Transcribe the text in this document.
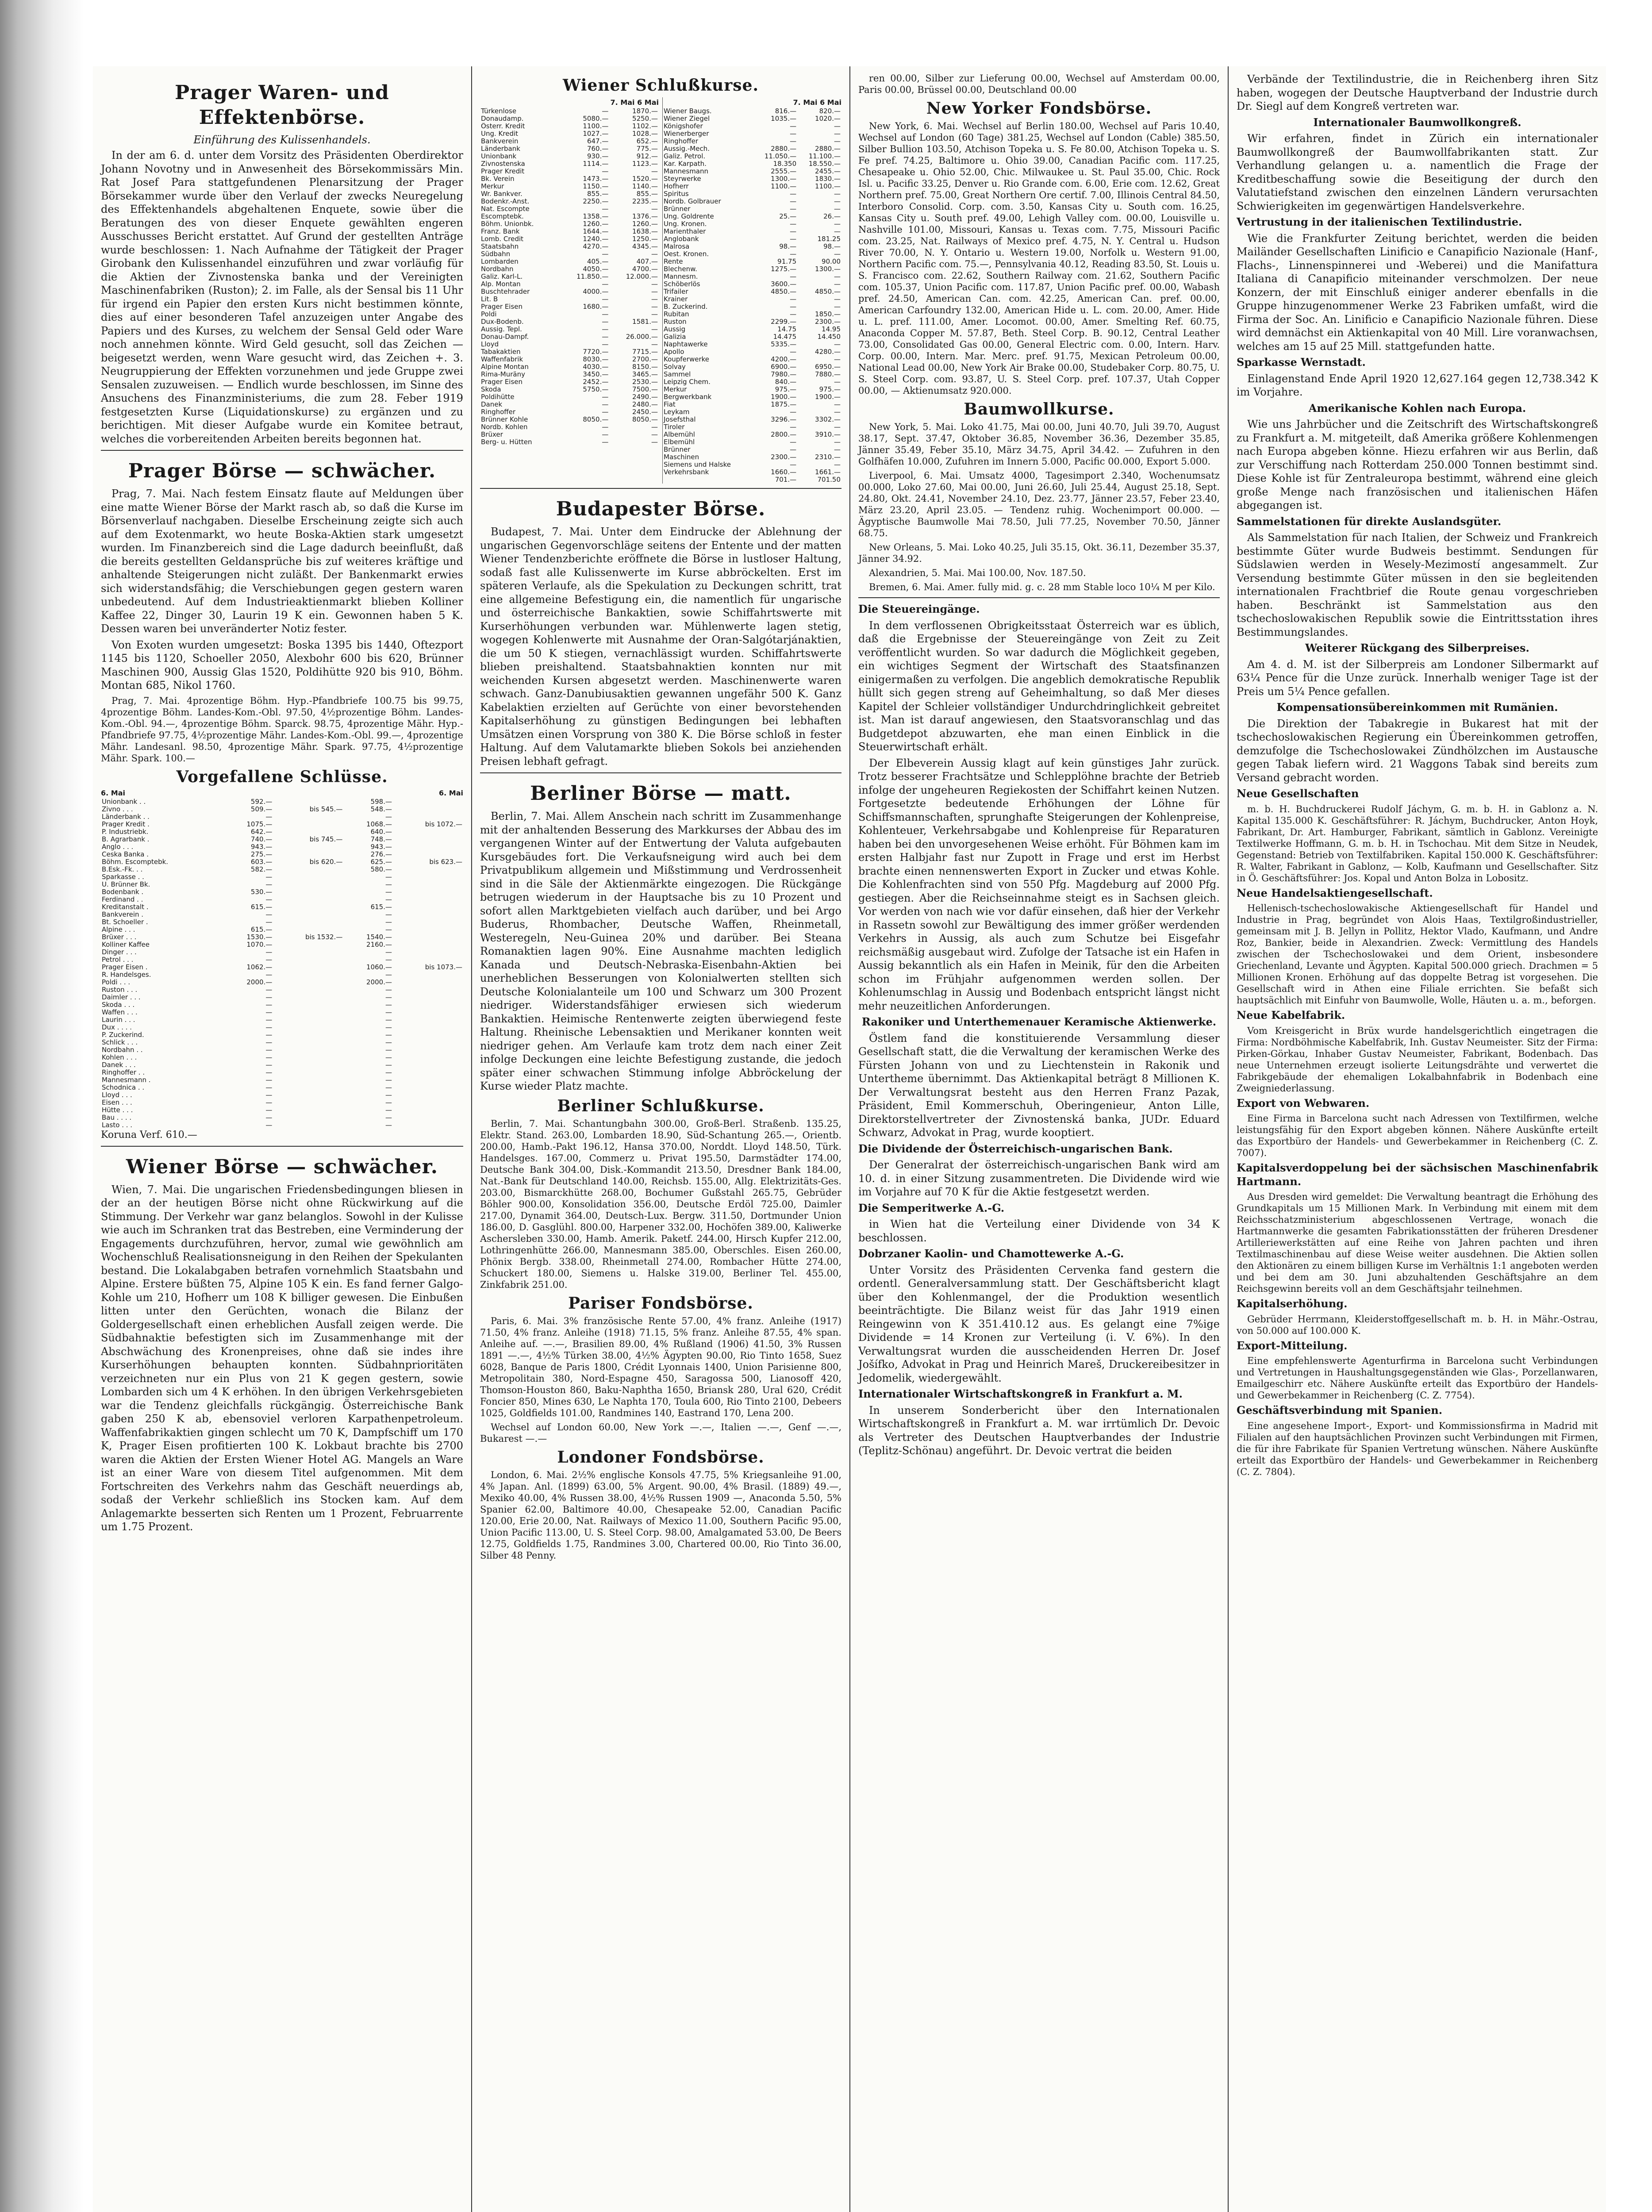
Prager Waren- und Effektenbörse.
Einführung des Kulissenhandels.
In der am 6. d. unter dem Vorsitz des Präsidenten Oberdirektor Johann Novotny und in Anwesenheit des Börsekommissärs Min. Rat Josef Para stattgefundenen Plenarsitzung der Prager Börsekammer wurde über den Verlauf der zwecks Neuregelung des Effektenhandels abgehaltenen Enquete, sowie über die Beratungen des von dieser Enquete gewählten engeren Ausschusses Bericht erstattet. Auf Grund der gestellten Anträge wurde beschlossen: 1. Nach Aufnahme der Tätigkeit der Prager Girobank den Kulissenhandel einzuführen und zwar vorläufig für die Aktien der Zivnostenska banka und der Vereinigten Maschinenfabriken (Ruston); 2. im Falle, als der Sensal bis 11 Uhr für irgend ein Papier den ersten Kurs nicht bestimmen könnte, dies auf einer besonderen Tafel anzuzeigen unter Angabe des Papiers und des Kurses, zu welchem der Sensal Geld oder Ware noch annehmen könnte. Wird Geld gesucht, soll das Zeichen — beigesetzt werden, wenn Ware gesucht wird, das Zeichen +. 3. Neugruppierung der Effekten vorzunehmen und jede Gruppe zwei Sensalen zuzuweisen. — Endlich wurde beschlossen, im Sinne des Ansuchens des Finanzministeriums, die zum 28. Feber 1919 festgesetzten Kurse (Liquidationskurse) zu ergänzen und zu berichtigen. Mit dieser Aufgabe wurde ein Komitee betraut, welches die vorbereitenden Arbeiten bereits begonnen hat.
Prager Börse — schwächer.
Prag, 7. Mai. Nach festem Einsatz flaute auf Meldungen über eine matte Wiener Börse der Markt rasch ab, so daß die Kurse im Börsenverlauf nachgaben. Dieselbe Erscheinung zeigte sich auch auf dem Exotenmarkt, wo heute Boska-Aktien stark umgesetzt wurden. Im Finanzbereich sind die Lage dadurch beeinflußt, daß die bereits gestellten Geldansprüche bis zuf weiteres kräftige und anhaltende Steigerungen nicht zuläßt. Der Bankenmarkt erwies sich widerstandsfähig; die Verschiebungen gegen gestern waren unbedeutend. Auf dem Industrieaktienmarkt blieben Kolliner Kaffee 22, Dinger 30, Laurin 19 K ein. Gewonnen haben 5 K. Dessen waren bei unveränderter Notiz fester.
Von Exoten wurden umgesetzt: Boska 1395 bis 1440, Oftezport 1145 bis 1120, Schoeller 2050, Alexbohr 600 bis 620, Brünner Maschinen 900, Aussig Glas 1520, Poldihütte 920 bis 910, Böhm. Montan 685, Nikol 1760.
Prag, 7. Mai. 4prozentige Böhm. Hyp.-Pfandbriefe 100.75 bis 99.75, 4prozentige Böhm. Landes-Kom.-Obl. 97.50, 4½prozentige Böhm. Landes-Kom.-Obl. 94.—, 4prozentige Böhm. Sparck. 98.75, 4prozentige Mähr. Hyp.-Pfandbriefe 97.75, 4½prozentige Mähr. Landes-Kom.-Obl. 99.—, 4prozentige Mähr. Landesanl. 98.50, 4prozentige Mähr. Spark. 97.75, 4½prozentige Mähr. Spark. 100.—
Vorgefallene Schlüsse.
6. Mai	6. Mai
Unionbank . .	592.—		598.—	
Zivno . . .	509.—	bis 545.—	548.—	
Länderbank . .	—		—	
Prager Kredit .	1075.—		1068.—	bis 1072.—
P. Industriebk.	642.—		640.—	
B. Agrarbank .	740.—	bis 745.—	748.—	
Anglo . . .	943.—		943.—	
Ceska Banka .	275.—		276.—	
Böhm. Escomptebk.	603.—	bis 620.—	625.—	bis 623.—
B.Esk.-Fk. . .	582.—		580.—	
Sparkasse . .	—		—	
U. Brünner Bk.	—		—	
Bodenbank .	530.—		—	
Ferdinand . .	—		—	
Kreditanstalt .	615.—		615.—	
Bankverein .	—		—	
Bt. Schoeller .	—		—	
Alpine . . .	615.—		—	
Brüxer . . .	1530.—	bis 1532.—	1540.—	
Kolliner Kaffee	1070.—		2160.—	
Dinger . . .	—		—	
Petrol . . .	—		—	
Prager Eisen .	1062.—		1060.—	bis 1073.—
R. Handelsges.	—		—	
Poldi . . .	2000.—		2000.—	
Ruston . . .	—		—	
Daimler . . .	—		—	
Skoda . . .	—		—	
Waffen . . .	—		—	
Laurin . . .	—		—	
Dux . . . .	—		—	
P. Zuckerind.	—		—	
Schlick . . .	—		—	
Nordbahn . .	—		—	
Kohlen . . .	—		—	
Danek . . .	—		—	
Ringhoffer . .	—		—	
Mannesmann .	—		—	
Schodnica . .	—		—	
Lloyd . . .	—		—	
Eisen . . .	—		—	
Hütte . . .	—		—	
Bau . . . .	—		—	
Lasto . . .	—		—	
Koruna Verf. 610.—
Wiener Börse — schwächer.
Wien, 7. Mai. Die ungarischen Friedensbedingungen bliesen in der an der heutigen Börse nicht ohne Rückwirkung auf die Stimmung. Der Verkehr war ganz belanglos. Sowohl in der Kulisse wie auch im Schranken trat das Bestreben, eine Verminderung der Engagements durchzuführen, hervor, zumal wie gewöhnlich am Wochenschluß Realisationsneigung in den Reihen der Spekulanten bestand. Die Lokalabgaben betrafen vornehmlich Staatsbahn und Alpine. Erstere büßten 75, Alpine 105 K ein. Es fand ferner Galgo-Kohle um 210, Hofherr um 108 K billiger gewesen. Die Einbußen litten unter den Gerüchten, wonach die Bilanz der Goldergesellschaft einen erheblichen Ausfall zeigen werde. Die Südbahnaktie befestigten sich im Zusammenhange mit der Abschwächung des Kronenpreises, ohne daß sie indes ihre Kurserhöhungen behaupten konnten. Südbahnprioritäten verzeichneten nur ein Plus von 21 K gegen gestern, sowie Lombarden sich um 4 K erhöhen. In den übrigen Verkehrsgebieten war die Tendenz gleichfalls rückgängig. Österreichische Bank gaben 250 K ab, ebensoviel verloren Karpathenpetroleum. Waffenfabrikaktien gingen schlecht um 70 K, Dampfschiff um 170 K, Prager Eisen profitierten 100 K. Lokbaut brachte bis 2700 waren die Aktien der Ersten Wiener Hotel AG. Mangels an Ware ist an einer Ware von diesem Titel aufgenommen. Mit dem Fortschreiten des Verkehrs nahm das Geschäft neuerdings ab, sodaß der Verkehr schließlich ins Stocken kam. Auf dem Anlagemarkte besserten sich Renten um 1 Prozent, Februarrente um 1.75 Prozent.
Wiener Schlußkurse.
7. Mai 6 Mai
Türkenlose	—	1870.—
Donaudamp.	5080.—	5250.—
Österr. Kredit	1100.—	1102.—
Ung. Kredit	1027.—	1028.—
Bankverein	647.—	652.—
Länderbank	760.—	775.—
Unionbank	930.—	912.—
Zivnostenska	1114.—	1123.—
Prager Kredit	—	—
Bk. Verein	1473.—	1520.—
Merkur	1150.—	1140.—
Wr. Bankver.	855.—	855.—
Bodenkr.-Anst.	2250.—	2235.—
Nat. Escompte	—	—
Escomptebk.	1358.—	1376.—
Böhm. Unionbk.	1260.—	1260.—
Franz. Bank	1644.—	1638.—
Lomb. Credit	1240.—	1250.—
Staatsbahn	4270.—	4345.—
Südbahn	—	—
Lombarden	405.—	407.—
Nordbahn	4050.—	4700.—
Galiz. Karl-L.	11.850.—	12.000.—
Alp. Montan	—	—
Buschtehrader	4000.—	—
Lit. B	—	—
Prager Eisen	1680.—	—
Poldi	—	—
Dux-Bodenb.	—	1581.—
Aussig. Tepl.	—	—
Donau-Dampf.	—	26.000.—
Lloyd	—	—
Tabakaktien	7720.—	7715.—
Waffenfabrik	8030.—	2700.—
Alpine Montan	4030.—	8150.—
Rima-Muräny	3450.—	3465.—
Prager Eisen	2452.—	2530.—
Skoda	5750.—	7500.—
Poldihütte	—	2490.—
Danek	—	2480.—
Ringhoffer	—	2450.—
Brünner Kohle	8050.—	8050.—
Nordb. Kohlen	—	—
Brüxer	—	—
Berg- u. Hütten	—	—
7. Mai 6 Mai
Wiener Baugs.	816.—	820.—
Wiener Ziegel	1035.—	1020.—
Königshofer	—	—
Wienerberger	—	—
Ringhoffer	—	—
Aussig.-Mech.	2880.—	2880.—
Galiz. Petrol.	11.050.—	11.100.—
Kar. Karpath.	18.350	18.550.—
Mannesmann	2555.—	2455.—
Steyrwerke	1300.—	1830.—
Hofherr	1100.—	1100.—
Spiritus	—	—
Nordb. Golbrauer	—	—
Brünner	—	—
Ung. Goldrente	25.—	26.—
Ung. Kronen.	—	—
Marienthaler	—	—
Anglobank	—	181.25
Malrosa	98.—	98.—
Oest. Kronen.	—	—
Rente	91.75	90.00
Blechenw.	1275.—	1300.—
Mannesm.	—	—
Schöberlös	3600.—	—
Trifailer	4850.—	4850.—
Krainer	—	—
B. Zuckerind.	—	—
Rubitan	—	1850.—
Ruston	2299.—	2300.—
Aussig	14.75	14.95
Galizia	14.475	14.450
Naphtawerke	5335.—	—
Apollo	—	4280.—
Koupferwerke	4200.—	—
Solvay	6900.—	6950.—
Sammel	7980.—	7880.—
Leipzig Chem.	840.—	—
Merkur	975.—	975.—
Bergwerkbank	1900.—	1900.—
Fiat	1875.—	—
Leykam	—	—
Josefsthal	3296.—	3302.—
Tiroler	—	—
Albemühl	2800.—	3910.—
Elbemühl	—	—
Brünner	—	—
Maschinen	2300.—	2310.—
Siemens und Halske	—	—
Verkehrsbank	1660.—	1661.—
	701.—	701.50
Budapester Börse.
Budapest, 7. Mai. Unter dem Eindrucke der Ablehnung der ungarischen Gegenvorschläge seitens der Entente und der matten Wiener Tendenzberichte eröffnete die Börse in lustloser Haltung, sodaß fast alle Kulissenwerte im Kurse abbröckelten. Erst im späteren Verlaufe, als die Spekulation zu Deckungen schritt, trat eine allgemeine Befestigung ein, die namentlich für ungarische und österreichische Bankaktien, sowie Schiffahrtswerte mit Kurserhöhungen verbunden war. Mühlenwerte lagen stetig, wogegen Kohlenwerte mit Ausnahme der Oran-Salgótarjánaktien, die um 50 K stiegen, vernachlässigt wurden. Schiffahrtswerte blieben preishaltend. Staatsbahnaktien konnten nur mit weichenden Kursen abgesetzt werden. Maschinenwerte waren schwach. Ganz-Danubiusaktien gewannen ungefähr 500 K. Ganz Kabelaktien erzielten auf Gerüchte von einer bevorstehenden Kapitalserhöhung zu günstigen Bedingungen bei lebhaften Umsätzen einen Vorsprung von 380 K. Die Börse schloß in fester Haltung. Auf dem Valutamarkte blieben Sokols bei anziehenden Preisen lebhaft gefragt.
Berliner Börse — matt.
Berlin, 7. Mai. Allem Anschein nach schritt im Zusammenhange mit der anhaltenden Besserung des Markkurses der Abbau des im vergangenen Winter auf der Entwertung der Valuta aufgebauten Kursgebäudes fort. Die Verkaufsneigung wird auch bei dem Privatpublikum allgemein und Mißstimmung und Verdrossenheit sind in die Säle der Aktienmärkte eingezogen. Die Rückgänge betrugen wiederum in der Hauptsache bis zu 10 Prozent und sofort allen Marktgebieten vielfach auch darüber, und bei Argo Buderus, Rhombacher, Deutsche Waffen, Rheinmetall, Westeregeln, Neu-Guinea 20% und darüber. Bei Steana Romanaktien lagen 90%. Eine Ausnahme machten lediglich Kanada und Deutsch-Nebraska-Eisenbahn-Aktien bei unerheblichen Besserungen von Kolonialwerten stellten sich Deutsche Kolonialanteile um 100 und Schwarz um 300 Prozent niedriger. Widerstandsfähiger erwiesen sich wiederum Bankaktien. Heimische Rentenwerte zeigten überwiegend feste Haltung. Rheinische Lebensaktien und Merikaner konnten weit niedriger gehen. Am Verlaufe kam trotz dem nach einer Zeit infolge Deckungen eine leichte Befestigung zustande, die jedoch später einer schwachen Stimmung infolge Abbröckelung der Kurse wieder Platz machte.
Berliner Schlußkurse.
Berlin, 7. Mai. Schantungbahn 300.00, Groß-Berl. Straßenb. 135.25, Elektr. Stand. 263.00, Lombarden 18.90, Süd-Schantung 265.—, Orientb. 200.00, Hamb.-Pakt 196.12, Hansa 370.00, Norddt. Lloyd 148.50, Türk. Handelsges. 167.00, Commerz u. Privat 195.50, Darmstädter 174.00, Deutsche Bank 304.00, Disk.-Kommandit 213.50, Dresdner Bank 184.00, Nat.-Bank für Deutschland 140.00, Reichsb. 155.00, Allg. Elektrizitäts-Ges. 203.00, Bismarckhütte 268.00, Bochumer Gußstahl 265.75, Gebrüder Böhler 900.00, Konsolidation 356.00, Deutsche Erdöl 725.00, Daimler 217.00, Dynamit 364.00, Deutsch-Lux. Bergw. 311.50, Dortmunder Union 186.00, D. Gasglühl. 800.00, Harpener 332.00, Hochöfen 389.00, Kaliwerke Aschersleben 330.00, Hamb. Amerik. Paketf. 244.00, Hirsch Kupfer 212.00, Lothringenhütte 266.00, Mannesmann 385.00, Oberschles. Eisen 260.00, Phönix Bergb. 338.00, Rheinmetall 274.00, Rombacher Hütte 274.00, Schuckert 180.00, Siemens u. Halske 319.00, Berliner Tel. 455.00, Zinkfabrik 251.00.
Pariser Fondsbörse.
Paris, 6. Mai. 3% französische Rente 57.00, 4% franz. Anleihe (1917) 71.50, 4% franz. Anleihe (1918) 71.15, 5% franz. Anleihe 87.55, 4% span. Anleihe auf. —.—, Brasilien 89.00, 4% Rußland (1906) 41.50, 3% Russen 1891 —.—, 4½% Türken 38.00, 4½% Ägypten 90.00, Rio Tinto 1658, Suez 6028, Banque de Paris 1800, Crédit Lyonnais 1400, Union Parisienne 800, Metropolitain 380, Nord-Espagne 450, Saragossa 500, Lianosoff 420, Thomson-Houston 860, Baku-Naphtha 1650, Briansk 280, Ural 620, Crédit Foncier 850, Mines 630, Le Naphta 170, Toula 600, Rio Tinto 2100, Debeers 1025, Goldfields 101.00, Randmines 140, Eastrand 170, Lena 200.
Wechsel auf London 60.00, New York —.—, Italien —.—, Genf —.—, Bukarest —.—
Londoner Fondsbörse.
London, 6. Mai. 2½% englische Konsols 47.75, 5% Kriegsanleihe 91.00, 4% Japan. Anl. (1899) 63.00, 5% Argent. 90.00, 4% Brasil. (1889) 49.—, Mexiko 40.00, 4% Russen 38.00, 4½% Russen 1909 —, Anaconda 5.50, 5% Spanier 62.00, Baltimore 40.00, Chesapeake 52.00, Canadian Pacific 120.00, Erie 20.00, Nat. Railways of Mexico 11.00, Southern Pacific 95.00, Union Pacific 113.00, U. S. Steel Corp. 98.00, Amalgamated 53.00, De Beers 12.75, Goldfields 1.75, Randmines 3.00, Chartered 00.00, Rio Tinto 36.00, Silber 48 Penny.
ren 00.00, Silber zur Lieferung 00.00, Wechsel auf Amsterdam 00.00, Paris 00.00, Brüssel 00.00, Deutschland 00.00
New Yorker Fondsbörse.
New York, 6. Mai. Wechsel auf Berlin 180.00, Wechsel auf Paris 10.40, Wechsel auf London (60 Tage) 381.25, Wechsel auf London (Cable) 385.50, Silber Bullion 103.50, Atchison Topeka u. S. Fe 80.00, Atchison Topeka u. S. Fe pref. 74.25, Baltimore u. Ohio 39.00, Canadian Pacific com. 117.25, Chesapeake u. Ohio 52.00, Chic. Milwaukee u. St. Paul 35.00, Chic. Rock Isl. u. Pacific 33.25, Denver u. Rio Grande com. 6.00, Erie com. 12.62, Great Northern pref. 75.00, Great Northern Ore certif. 7.00, Illinois Central 84.50, Interboro Consolid. Corp. com. 3.50, Kansas City u. South com. 16.25, Kansas City u. South pref. 49.00, Lehigh Valley com. 00.00, Louisville u. Nashville 101.00, Missouri, Kansas u. Texas com. 7.75, Missouri Pacific com. 23.25, Nat. Railways of Mexico pref. 4.75, N. Y. Central u. Hudson River 70.00, N. Y. Ontario u. Western 19.00, Norfolk u. Western 91.00, Northern Pacific com. 75.—, Pennsylvania 40.12, Reading 83.50, St. Louis u. S. Francisco com. 22.62, Southern Railway com. 21.62, Southern Pacific com. 105.37, Union Pacific com. 117.87, Union Pacific pref. 00.00, Wabash pref. 24.50, American Can. com. 42.25, American Can. pref. 00.00, American Carfoundry 132.00, American Hide u. L. com. 20.00, Amer. Hide u. L. pref. 111.00, Amer. Locomot. 00.00, Amer. Smelting Ref. 60.75, Anaconda Copper M. 57.87, Beth. Steel Corp. B. 90.12, Central Leather 73.00, Consolidated Gas 00.00, General Electric com. 0.00, Intern. Harv. Corp. 00.00, Intern. Mar. Merc. pref. 91.75, Mexican Petroleum 00.00, National Lead 00.00, New York Air Brake 00.00, Studebaker Corp. 80.75, U. S. Steel Corp. com. 93.87, U. S. Steel Corp. pref. 107.37, Utah Copper 00.00, — Aktienumsatz 920.000.
Baumwollkurse.
New York, 5. Mai. Loko 41.75, Mai 00.00, Juni 40.70, Juli 39.70, August 38.17, Sept. 37.47, Oktober 36.85, November 36.36, Dezember 35.85, Jänner 35.49, Feber 35.10, März 34.75, April 34.42. — Zufuhren in den Golfhäfen 10.000, Zufuhren im Innern 5.000, Pacific 00.000, Export 5.000.
Liverpool, 6. Mai. Umsatz 4000, Tagesimport 2.340, Wochenumsatz 00.000, Loko 27.60, Mai 00.00, Juni 26.60, Juli 25.44, August 25.18, Sept. 24.80, Okt. 24.41, November 24.10, Dez. 23.77, Jänner 23.57, Feber 23.40, März 23.20, April 23.05. — Tendenz ruhig. Wochenimport 00.000. — Ägyptische Baumwolle Mai 78.50, Juli 77.25, November 70.50, Jänner 68.75.
New Orleans, 5. Mai. Loko 40.25, Juli 35.15, Okt. 36.11, Dezember 35.37, Jänner 34.92.
Alexandrien, 5. Mai. Mai 100.00, Nov. 187.50.
Bremen, 6. Mai. Amer. fully mid. g. c. 28 mm Stable loco 10¼ M per Kilo.
Die Steuereingänge.
In dem verflossenen Obrigkeitsstaat Österreich war es üblich, daß die Ergebnisse der Steuereingänge von Zeit zu Zeit veröffentlicht wurden. So war dadurch die Möglichkeit gegeben, ein wichtiges Segment der Wirtschaft des Staatsfinanzen einigermaßen zu verfolgen. Die angeblich demokratische Republik hüllt sich gegen streng auf Geheimhaltung, so daß Mer dieses Kapitel der Schleier vollständiger Undurchdringlichkeit gebreitet ist. Man ist darauf angewiesen, den Staatsvoranschlag und das Budgetdepot abzuwarten, ehe man einen Einblick in die Steuerwirtschaft erhält.
Der Elbeverein Aussig klagt auf kein günstiges Jahr zurück. Trotz besserer Frachtsätze und Schlepplöhne brachte der Betrieb infolge der ungeheuren Regiekosten der Schiffahrt keinen Nutzen. Fortgesetzte bedeutende Erhöhungen der Löhne für Schiffsmannschaften, sprunghafte Steigerungen der Kohlenpreise, Kohlenteuer, Verkehrsabgabe und Kohlenpreise für Reparaturen haben bei den unvorgesehenen Weise erhöht. Für Böhmen kam im ersten Halbjahr fast nur Zupott in Frage und erst im Herbst brachte einen nennenswerten Export in Zucker und etwas Kohle. Die Kohlenfrachten sind von 550 Pfg. Magdeburg auf 2000 Pfg. gestiegen. Aber die Reichseinnahme steigt es in Sachsen gleich. Vor werden von nach wie vor dafür einsehen, daß hier der Verkehr in Rassetn sowohl zur Bewältigung des immer größer werdenden Verkehrs in Aussig, als auch zum Schutze bei Eisgefahr reichsmäßig ausgebaut wird. Zufolge der Tatsache ist ein Hafen in Aussig bekanntlich als ein Hafen in Meinik, für den die Arbeiten schon im Frühjahr aufgenommen werden sollen. Der Kohlenumschlag in Aussig und Bodenbach entspricht längst nicht mehr neuzeitlichen Anforderungen.
Rakoniker und Unterthemenauer Keramische Aktienwerke.
Östlem fand die konstituierende Versammlung dieser Gesellschaft statt, die die Verwaltung der keramischen Werke des Fürsten Johann von und zu Liechtenstein in Rakonik und Untertheme übernimmt. Das Aktienkapital beträgt 8 Millionen K. Der Verwaltungsrat besteht aus den Herren Franz Pazak, Präsident, Emil Kommerschuh, Oberingenieur, Anton Lille, Direktorstellvertreter der Zivnostenská banka, JUDr. Eduard Schwarz, Advokat in Prag, wurde kooptiert.
Die Dividende der Österreichisch-ungarischen Bank.
Der Generalrat der österreichisch-ungarischen Bank wird am 10. d. in einer Sitzung zusammentreten. Die Dividende wird wie im Vorjahre auf 70 K für die Aktie festgesetzt werden.
Die Semperitwerke A.-G.
in Wien hat die Verteilung einer Dividende von 34 K beschlossen.
Dobrzaner Kaolin- und Chamottewerke A.-G.
Unter Vorsitz des Präsidenten Cervenka fand gestern die ordentl. Generalversammlung statt. Der Geschäftsbericht klagt über den Kohlenmangel, der die Produktion wesentlich beeinträchtigte. Die Bilanz weist für das Jahr 1919 einen Reingewinn von K 351.410.12 aus. Es gelangt eine 7%ige Dividende = 14 Kronen zur Verteilung (i. V. 6%). In den Verwaltungsrat wurden die ausscheidenden Herren Dr. Josef Jošífko, Advokat in Prag und Heinrich Mareš, Druckereibesitzer in Jedomelik, wiedergewählt.
Internationaler Wirtschaftskongreß in Frankfurt a. M.
In unserem Sonderbericht über den Internationalen Wirtschaftskongreß in Frankfurt a. M. war irrtümlich Dr. Devoic als Vertreter des Deutschen Hauptverbandes der Industrie (Teplitz-Schönau) angeführt. Dr. Devoic vertrat die beiden
Verbände der Textilindustrie, die in Reichenberg ihren Sitz haben, wogegen der Deutsche Hauptverband der Industrie durch Dr. Siegl auf dem Kongreß vertreten war.
Internationaler Baumwollkongreß.
Wir erfahren, findet in Zürich ein internationaler Baumwollkongreß der Baumwollfabrikanten statt. Zur Verhandlung gelangen u. a. namentlich die Frage der Kreditbeschaffung sowie die Beseitigung der durch den Valutatiefstand zwischen den einzelnen Ländern verursachten Schwierigkeiten im gegenwärtigen Handelsverkehre.
Vertrustung in der italienischen Textilindustrie.
Wie die Frankfurter Zeitung berichtet, werden die beiden Mailänder Gesellschaften Linificio e Canapificio Nazionale (Hanf-, Flachs-, Linnenspinnerei und -Weberei) und die Manifattura Italiana di Canapificio miteinander verschmolzen. Der neue Konzern, der mit Einschluß einiger anderer ebenfalls in die Gruppe hinzugenommener Werke 23 Fabriken umfaßt, wird die Firma der Soc. An. Linificio e Canapificio Nazionale führen. Diese wird demnächst ein Aktienkapital von 40 Mill. Lire voranwachsen, welches am 15 auf 25 Mill. stattgefunden hatte.
Sparkasse Wernstadt.
Einlagenstand Ende April 1920 12,627.164 gegen 12,738.342 K im Vorjahre.
Amerikanische Kohlen nach Europa.
Wie uns Jahrbücher und die Zeitschrift des Wirtschaftskongreß zu Frankfurt a. M. mitgeteilt, daß Amerika größere Kohlenmengen nach Europa abgeben könne. Hiezu erfahren wir aus Berlin, daß zur Verschiffung nach Rotterdam 250.000 Tonnen bestimmt sind. Diese Kohle ist für Zentraleuropa bestimmt, während eine gleich große Menge nach französischen und italienischen Häfen abgegangen ist.
Sammelstationen für direkte Auslandsgüter.
Als Sammelstation für nach Italien, der Schweiz und Frankreich bestimmte Güter wurde Budweis bestimmt. Sendungen für Südslawien werden in Wesely-Mezimostí angesammelt. Zur Versendung bestimmte Güter müssen in den sie begleitenden internationalen Frachtbrief die Route genau vorgeschrieben haben. Beschränkt ist Sammelstation aus den tschechoslowakischen Republik sowie die Eintrittsstation ihres Bestimmungslandes.
Weiterer Rückgang des Silberpreises.
Am 4. d. M. ist der Silberpreis am Londoner Silbermarkt auf 63¼ Pence für die Unze zurück. Innerhalb weniger Tage ist der Preis um 5¼ Pence gefallen.
Kompensationsübereinkommen mit Rumänien.
Die Direktion der Tabakregie in Bukarest hat mit der tschechoslowakischen Regierung ein Übereinkommen getroffen, demzufolge die Tschechoslowakei Zündhölzchen im Austausche gegen Tabak liefern wird. 21 Waggons Tabak sind bereits zum Versand gebracht worden.
Neue Gesellschaften
m. b. H. Buchdruckerei Rudolf Jáchym, G. m. b. H. in Gablonz a. N. Kapital 135.000 K. Geschäftsführer: R. Jáchym, Buchdrucker, Anton Hoyk, Fabrikant, Dr. Art. Hamburger, Fabrikant, sämtlich in Gablonz. Vereinigte Textilwerke Hoffmann, G. m. b. H. in Tschochau. Mit dem Sitze in Neudek, Gegenstand: Betrieb von Textilfabriken. Kapital 150.000 K. Geschäftsführer: R. Walter, Fabrikant in Gablonz, — Kolb, Kaufmann und Gesellschafter. Sitz in Ö. Geschäftsführer: Jos. Kopal und Anton Bolza in Lobositz.
Neue Handelsaktiengesellschaft.
Hellenisch-tschechoslowakische Aktiengesellschaft für Handel und Industrie in Prag, begründet von Alois Haas, Textilgroßindustrieller, gemeinsam mit J. B. Jellyn in Pollitz, Hektor Vlado, Kaufmann, und Andre Roz, Bankier, beide in Alexandrien. Zweck: Vermittlung des Handels zwischen der Tschechoslowakei und dem Orient, insbesondere Griechenland, Levante und Ägypten. Kapital 500.000 griech. Drachmen = 5 Millionen Kronen. Erhöhung auf das doppelte Betrag ist vorgesehen. Die Gesellschaft wird in Athen eine Filiale errichten. Sie befaßt sich hauptsächlich mit Einfuhr von Baumwolle, Wolle, Häuten u. a. m., beforgen.
Neue Kabelfabrik.
Vom Kreisgericht in Brüx wurde handelsgerichtlich eingetragen die Firma: Nordböhmische Kabelfabrik, Inh. Gustav Neumeister. Sitz der Firma: Pirken-Görkau, Inhaber Gustav Neumeister, Fabrikant, Bodenbach. Das neue Unternehmen erzeugt isolierte Leitungsdrähte und verwertet die Fabrikgebäude der ehemaligen Lokalbahnfabrik in Bodenbach eine Zweigniederlassung.
Export von Webwaren.
Eine Firma in Barcelona sucht nach Adressen von Textilfirmen, welche leistungsfähig für den Export abgeben können. Nähere Auskünfte erteilt das Exportbüro der Handels- und Gewerbekammer in Reichenberg (C. Z. 7007).
Kapitalsverdoppelung bei der sächsischen Maschinenfabrik Hartmann.
Aus Dresden wird gemeldet: Die Verwaltung beantragt die Erhöhung des Grundkapitals um 15 Millionen Mark. In Verbindung mit einem mit dem Reichsschatzministerium abgeschlossenen Vertrage, wonach die Hartmannwerke die gesamten Fabrikationsstätten der früheren Dresdener Artilleriewerkstätten auf eine Reihe von Jahren pachten und ihren Textilmaschinenbau auf diese Weise weiter ausdehnen. Die Aktien sollen den Aktionären zu einem billigen Kurse im Verhältnis 1:1 angeboten werden und bei dem am 30. Juni abzuhaltenden Geschäftsjahre an dem Reichsgewinn bereits voll an dem Geschäftsjahr teilnehmen.
Kapitalserhöhung.
Gebrüder Herrmann, Kleiderstoffgesellschaft m. b. H. in Mähr.-Ostrau, von 50.000 auf 100.000 K.
Export-Mitteilung.
Eine empfehlenswerte Agenturfirma in Barcelona sucht Verbindungen und Vertretungen in Haushaltungsgegenständen wie Glas-, Porzellanwaren, Emailgeschirr etc. Nähere Auskünfte erteilt das Exportbüro der Handels- und Gewerbekammer in Reichenberg (C. Z. 7754).
Geschäftsverbindung mit Spanien.
Eine angesehene Import-, Export- und Kommissionsfirma in Madrid mit Filialen auf den hauptsächlichen Provinzen sucht Verbindungen mit Firmen, die für ihre Fabrikate für Spanien Vertretung wünschen. Nähere Auskünfte erteilt das Exportbüro der Handels- und Gewerbekammer in Reichenberg (C. Z. 7804).
